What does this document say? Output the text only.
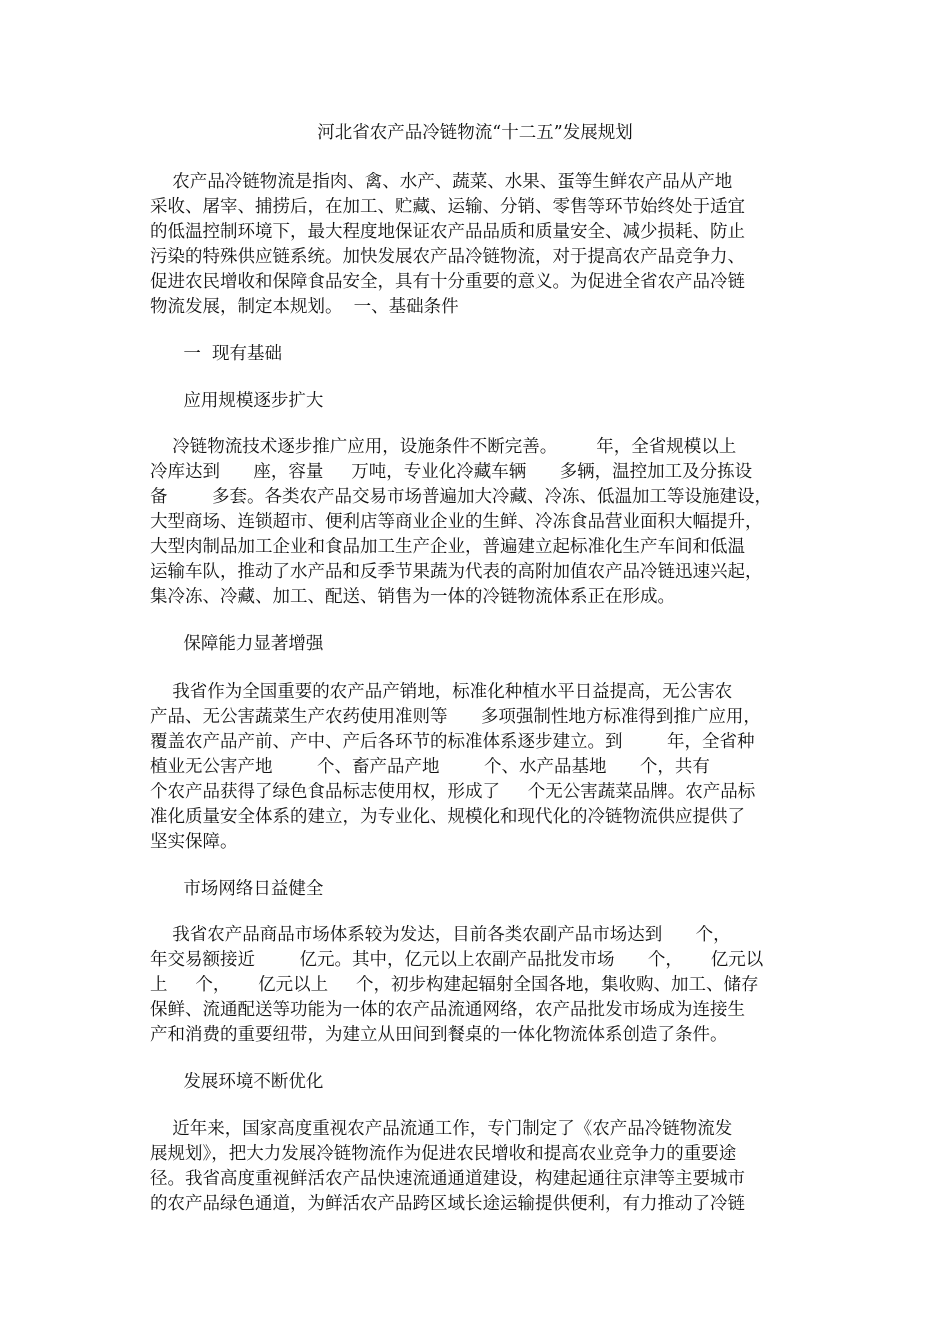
河北省农产品冷链物流“十二五”发展规划
农产品冷链物流是指肉、禽、水产、蔬菜、水果、蛋等生鲜农产品从产地
采收、屠宰、捕捞后，在加工、贮藏、运输、分销、零售等环节始终处于适宜
的低温控制环境下，最大程度地保证农产品品质和质量安全、减少损耗、防止
污染的特殊供应链系统。加快发展农产品冷链物流，对于提高农产品竞争力、
促进农民增收和保障食品安全，具有十分重要的意义。为促进全省农产品冷链
物流发展，制定本规划。  一、基础条件
一  现有基础
应用规模逐步扩大
冷链物流技术逐步推广应用，设施条件不断完善。       年，全省规模以上
冷库达到      座，容量     万吨，专业化冷藏车辆      多辆，温控加工及分拣设
备        多套。各类农产品交易市场普遍加大冷藏、冷冻、低温加工等设施建设，
大型商场、连锁超市、便利店等商业企业的生鲜、冷冻食品营业面积大幅提升，
大型肉制品加工企业和食品加工生产企业，普遍建立起标准化生产车间和低温
运输车队，推动了水产品和反季节果蔬为代表的高附加值农产品冷链迅速兴起，
集冷冻、冷藏、加工、配送、销售为一体的冷链物流体系正在形成。
保障能力显著增强
我省作为全国重要的农产品产销地，标准化种植水平日益提高，无公害农
产品、无公害蔬菜生产农药使用准则等      多项强制性地方标准得到推广应用，
覆盖农产品产前、产中、产后各环节的标准体系逐步建立。到        年，全省种
植业无公害产地        个、畜产品产地        个、水产品基地      个，共有
个农产品获得了绿色食品标志使用权，形成了     个无公害蔬菜品牌。农产品标
准化质量安全体系的建立，为专业化、规模化和现代化的冷链物流供应提供了
坚实保障。
市场网络日益健全
我省农产品商品市场体系较为发达，目前各类农副产品市场达到      个，
年交易额接近        亿元。其中，亿元以上农副产品批发市场      个，     亿元以
上     个，     亿元以上     个，初步构建起辐射全国各地，集收购、加工、储存
保鲜、流通配送等功能为一体的农产品流通网络，农产品批发市场成为连接生
产和消费的重要纽带，为建立从田间到餐桌的一体化物流体系创造了条件。
发展环境不断优化
近年来，国家高度重视农产品流通工作，专门制定了《农产品冷链物流发
展规划》，把大力发展冷链物流作为促进农民增收和提高农业竞争力的重要途
径。我省高度重视鲜活农产品快速流通通道建设，构建起通往京津等主要城市
的农产品绿色通道，为鲜活农产品跨区域长途运输提供便利，有力推动了冷链
